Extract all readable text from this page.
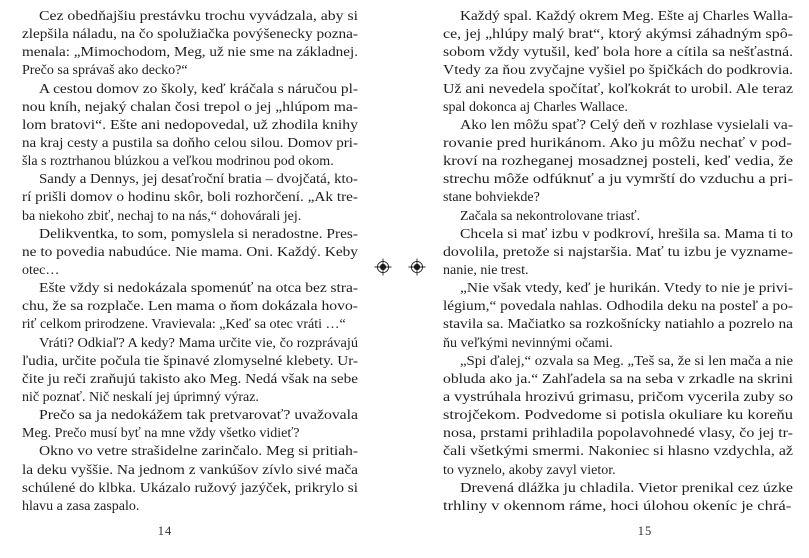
Cez obedňajšiu prestávku trochu vyvádzala, aby si
zlepšila náladu, na čo spolužiačka povýšenecky pozna-
menala: „Mimochodom, Meg, už nie sme na základnej.
Prečo sa správaš ako decko?“
A cestou domov zo školy, keď kráčala s náručou pl-
nou kníh, nejaký chalan čosi trepol o jej „hlúpom ma-
lom bratovi“. Ešte ani nedopovedal, už zhodila knihy
na kraj cesty a pustila sa doňho celou silou. Domov pri-
šla s roztrhanou blúzkou a veľkou modrinou pod okom.
Sandy a Dennys, jej desaťroční bratia – dvojčatá, kto-
rí prišli domov o hodinu skôr, boli rozhorčení. „Ak tre-
ba niekoho zbiť, nechaj to na nás,“ dohovárali jej.
Delikventka, to som, pomyslela si neradostne. Pres-
ne to povedia nabudúce. Nie mama. Oni. Každý. Keby
otec…
Ešte vždy si nedokázala spomenúť na otca bez stra-
chu, že sa rozplače. Len mama o ňom dokázala hovo-
riť celkom prirodzene. Vravievala: „Keď sa otec vráti …“
Vráti? Odkiaľ? A kedy? Mama určite vie, čo rozprávajú
ľudia, určite počula tie špinavé zlomyselné klebety. Ur-
čite ju reči zraňujú takisto ako Meg. Nedá však na sebe
nič poznať. Nič neskalí jej úprimný výraz.
Prečo sa ja nedokážem tak pretvarovať? uvažovala
Meg. Prečo musí byť na mne vždy všetko vidieť?
Okno vo vetre strašidelne zarinčalo. Meg si pritiah-
la deku vyššie. Na jednom z vankúšov zívlo sivé mača
schúlené do klbka. Ukázalo ružový jazýček, prikrylo si
hlavu a zasa zaspalo.
Každý spal. Každý okrem Meg. Ešte aj Charles Walla-
ce, jej „hlúpy malý brat“, ktorý akýmsi záhadným spô-
sobom vždy vytušil, keď bola hore a cítila sa nešťastná.
Vtedy za ňou zvyčajne vyšiel po špičkách do podkrovia.
Už ani nevedela spočítať, koľkokrát to urobil. Ale teraz
spal dokonca aj Charles Wallace.
Ako len môžu spať? Celý deň v rozhlase vysielali va-
rovanie pred hurikánom. Ako ju môžu nechať v pod-
kroví na rozheganej mosadznej posteli, keď vedia, že
strechu môže odfúknuť a ju vymrští do vzduchu a pri-
stane bohviekde?
Začala sa nekontrolovane triasť.
Chcela si mať izbu v podkroví, hrešila sa. Mama ti to
dovolila, pretože si najstaršia. Mať tu izbu je vyzname-
nanie, nie trest.
„Nie však vtedy, keď je hurikán. Vtedy to nie je privi-
légium,“ povedala nahlas. Odhodila deku na posteľ a po-
stavila sa. Mačiatko sa rozkošnícky natiahlo a pozrelo na
ňu veľkými nevinnými očami.
„Spi ďalej,“ ozvala sa Meg. „Teš sa, že si len mača a nie
obluda ako ja.“ Zahľadela sa na seba v zrkadle na skrini
a vystrúhala hrozivú grimasu, pričom vycerila zuby so
strojčekom. Podvedome si potisla okuliare ku koreňu
nosa, prstami prihladila popolavohnedé vlasy, čo jej tr-
čali všetkými smermi. Nakoniec si hlasno vzdychla, až
to vyznelo, akoby zavyl vietor.
Drevená dlážka ju chladila. Vietor prenikal cez úzke
trhliny v okennom ráme, hoci úlohou okeníc je chrá-
14	15
